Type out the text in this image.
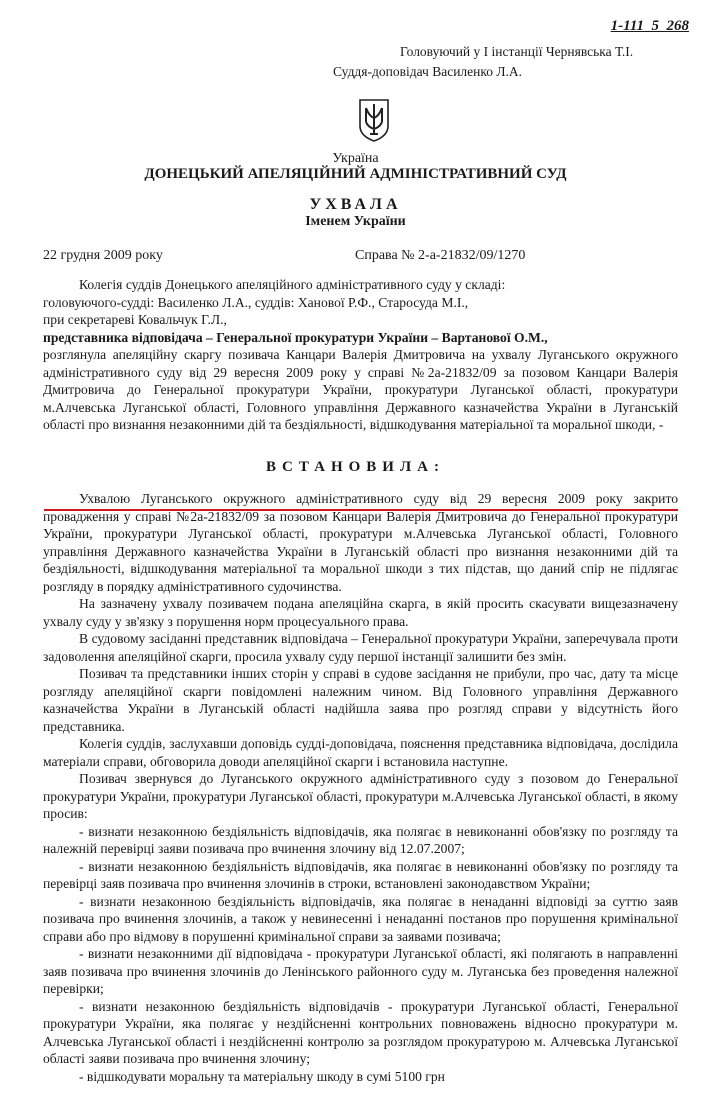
1-111_5_268
Головуючий у І інстанції Чернявська Т.І.
Суддя-доповідач Василенко Л.А.
Україна
ДОНЕЦЬКИЙ АПЕЛЯЦІЙНИЙ АДМІНІСТРАТИВНИЙ СУД
УХВАЛА
Іменем України
22 грудня 2009 року	Справа № 2-а-21832/09/1270

Колегія суддів Донецького апеляційного адміністративного суду у складі:

головуючого-судді: Василенко Л.А., суддів: Ханової Р.Ф., Старосуда М.І.,

при секретареві Ковальчук Г.Л.,

представника відповідача – Генеральної прокуратури України – Вартанової О.М.,

розглянула апеляційну скаргу позивача Канцари Валерія Дмитровича на ухвалу Луганського окружного адміністративного суду від 29 вересня 2009 року у справі №2а-21832/09 за позовом Канцари Валерія Дмитровича до Генеральної прокуратури України, прокуратури Луганської області, прокуратури м.Алчевська Луганської області, Головного управління Державного казначейства України в Луганській області про визнання незаконними дій та бездіяльності, відшкодування матеріальної та моральної шкоди, -

ВСТАНОВИЛА:

Ухвалою Луганського окружного адміністративного суду від 29 вересня 2009 року закрито провадження у справі №2а-21832/09 за позовом Канцари Валерія Дмитровича до Генеральної прокуратури України, прокуратури Луганської області, прокуратури м.Алчевська Луганської області, Головного управління Державного казначейства України в Луганській області про визнання незаконними дій та бездіяльності, відшкодування матеріальної та моральної шкоди з тих підстав, що даний спір не підлягає розгляду в порядку адміністративного судочинства.

На зазначену ухвалу позивачем подана апеляційна скарга, в якій просить скасувати вищезазначену ухвалу суду у зв'язку з порушення норм процесуального права.

В судовому засіданні представник відповідача – Генеральної прокуратури України, заперечувала проти задоволення апеляційної скарги, просила ухвалу суду першої інстанції залишити без змін.

Позивач та представники інших сторін у справі в судове засідання не прибули, про час, дату та місце розгляду апеляційної скарги повідомлені належним чином. Від Головного управління Державного казначейства України в Луганській області надійшла заява про розгляд справи у відсутність його представника.

Колегія суддів, заслухавши доповідь судді-доповідача, пояснення представника відповідача, дослідила матеріали справи, обговорила доводи апеляційної скарги і встановила наступне.

Позивач звернувся до Луганського окружного адміністративного суду з позовом до Генеральної прокуратури України, прокуратури Луганської області, прокуратури м.Алчевська Луганської області, в якому просив:

- визнати незаконною бездіяльність відповідачів, яка полягає в невиконанні обов'язку по розгляду та належній перевірці заяви позивача про вчинення злочину від 12.07.2007;

- визнати незаконною бездіяльність відповідачів, яка полягає в невиконанні обов'язку по розгляду та перевірці заяв позивача про вчинення злочинів в строки, встановлені законодавством України;

- визнати незаконною бездіяльність відповідачів, яка полягає в ненаданні відповіді за суттю заяв позивача про вчинення злочинів, а також у невинесенні і ненаданні постанов про порушення кримінальної справи або про відмову в порушенні кримінальної справи за заявами позивача;

- визнати незаконними дії відповідача - прокуратури Луганської області, які полягають в направленні заяв позивача про вчинення злочинів до Ленінського районного суду м. Луганська без проведення належної перевірки;

- визнати незаконною бездіяльність відповідачів - прокуратури Луганської області, Генеральної прокуратури України, яка полягає у нездійсненні контрольних повноважень відносно прокуратури м. Алчевська Луганської області і нездійсненні контролю за розглядом прокуратурою м. Алчевська Луганської області заяви позивача про вчинення злочину;

- відшкодувати моральну та матеріальну шкоду в сумі 5100 грн
